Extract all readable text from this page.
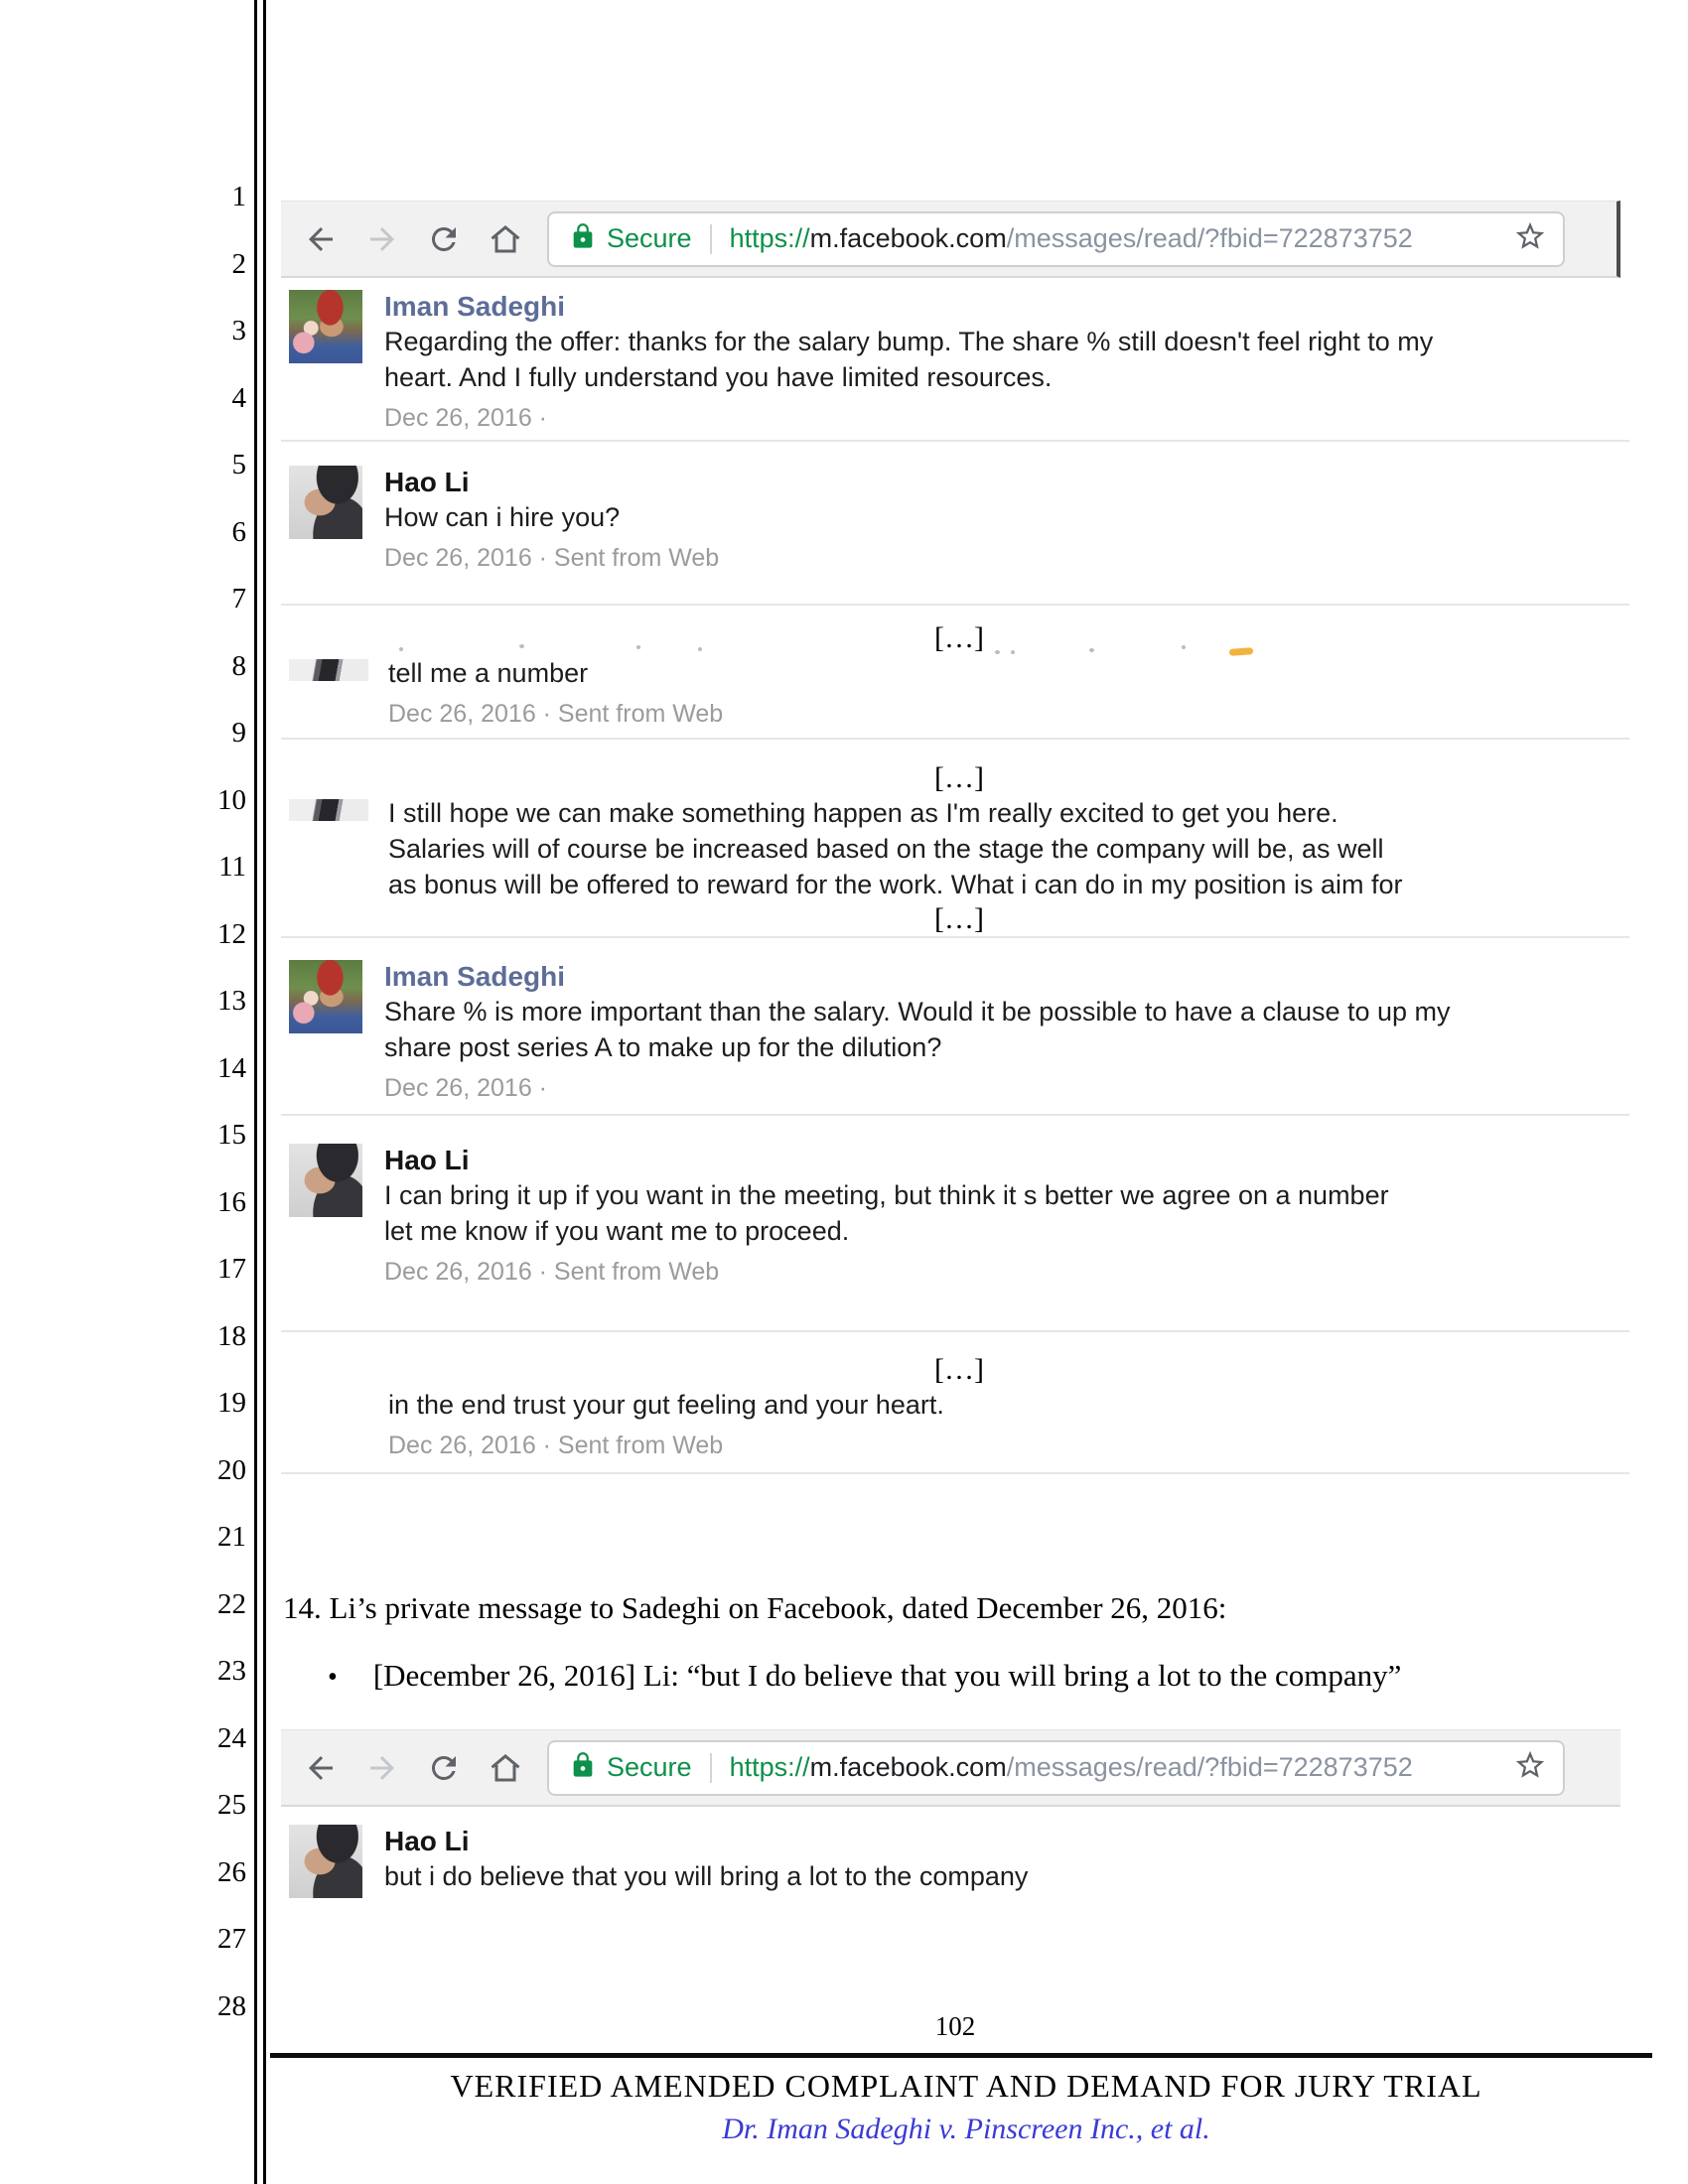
1
2
3
4
5
6
7
8
9
10
11
12
13
14
15
16
17
18
19
20
21
22
23
24
25
26
27
28
Secure https://m.facebook.com/messages/read/?fbid=722873752
Iman Sadeghi
Regarding the offer: thanks for the salary bump. The share % still doesn't feel right to my
heart. And I fully understand you have limited resources.
Dec 26, 2016 ·
Hao Li
How can i hire you?
Dec 26, 2016 · Sent from Web
[…]
tell me a number
Dec 26, 2016 · Sent from Web
[…]
I still hope we can make something happen as I'm really excited to get you here.
Salaries will of course be increased based on the stage the company will be, as well
as bonus will be offered to reward for the work. What i can do in my position is aim for
[…]
Iman Sadeghi
Share % is more important than the salary. Would it be possible to have a clause to up my
share post series A to make up for the dilution?
Dec 26, 2016 ·
Hao Li
I can bring it up if you want in the meeting, but think it s better we agree on a number
let me know if you want me to proceed.
Dec 26, 2016 · Sent from Web
[…]
in the end trust your gut feeling and your heart.
Dec 26, 2016 · Sent from Web
14. Li’s private message to Sadeghi on Facebook, dated December 26, 2016:
• [December 26, 2016] Li: “but I do believe that you will bring a lot to the company”
Secure https://m.facebook.com/messages/read/?fbid=722873752
Hao Li
but i do believe that you will bring a lot to the company
102
VERIFIED AMENDED COMPLAINT AND DEMAND FOR JURY TRIAL
Dr. Iman Sadeghi v. Pinscreen Inc., et al.
